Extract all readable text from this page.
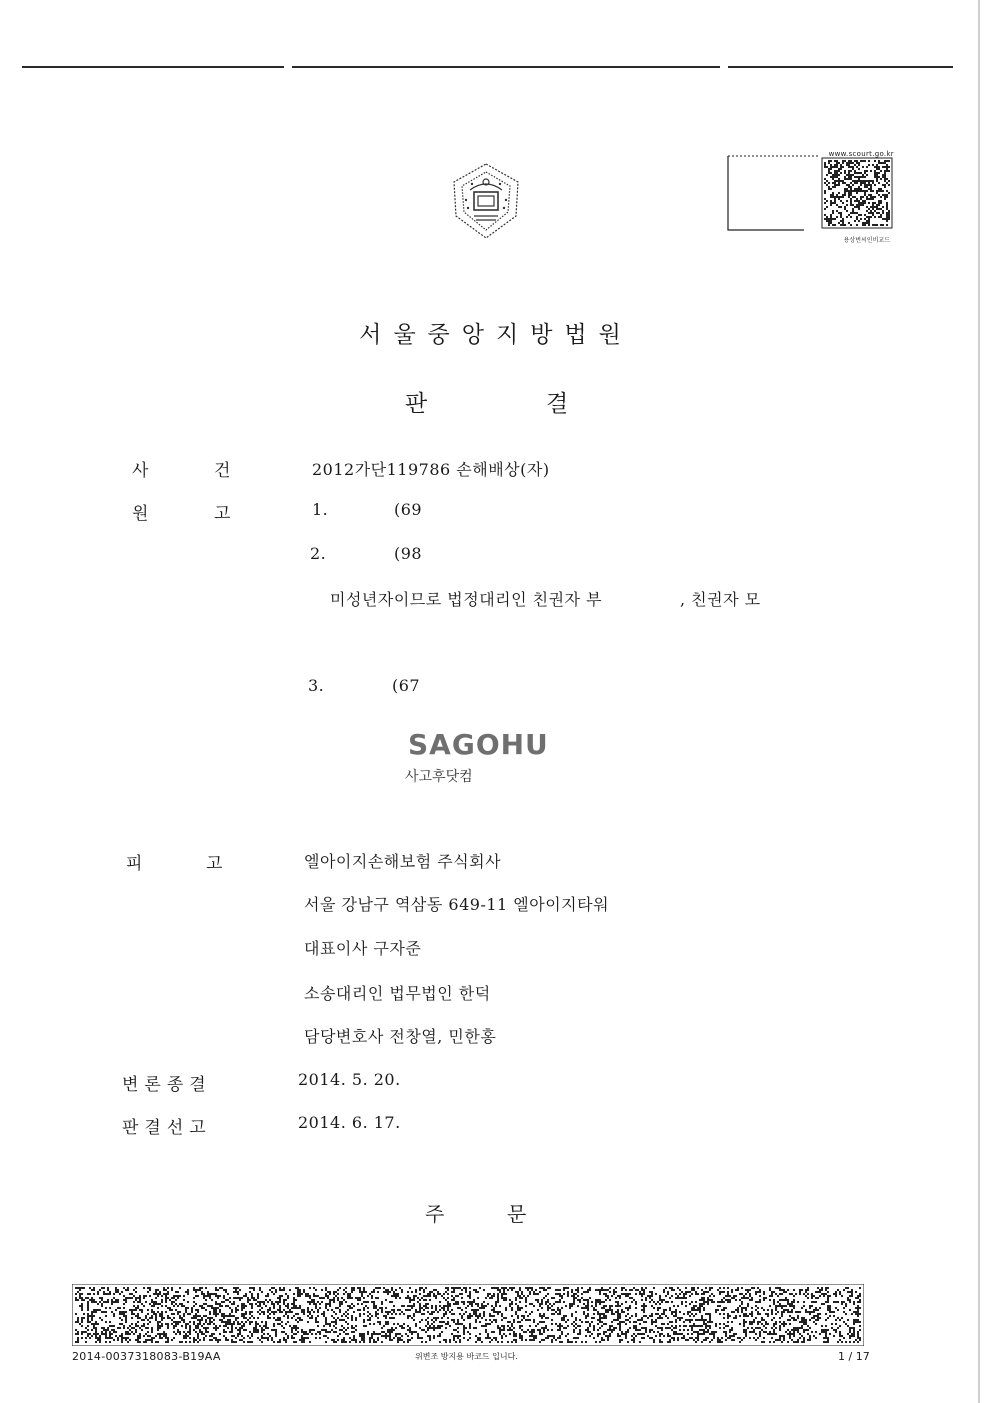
www.scourt.go.kr
용상번씨인비교드
서울중앙지방법원
판	결
사	건	2012가단119786 손해배상(자)
원	고	1.	(69
2.	(98
미성년자이므로 법정대리인 친권자 부	, 친권자 모
3.	(67
SAGOHU
사고후닷컴
피	고	엘아이지손해보험 주식회사
서울 강남구 역삼동 649-11 엘아이지타워
대표이사 구자준
소송대리인 법무법인 한덕
담당변호사 전창열, 민한홍
변론종결	2014. 5. 20.
판결선고	2014. 6. 17.
주	문
2014-0037318083-B19AA	위변조 방지용 바코드 입니다.	1 / 17
